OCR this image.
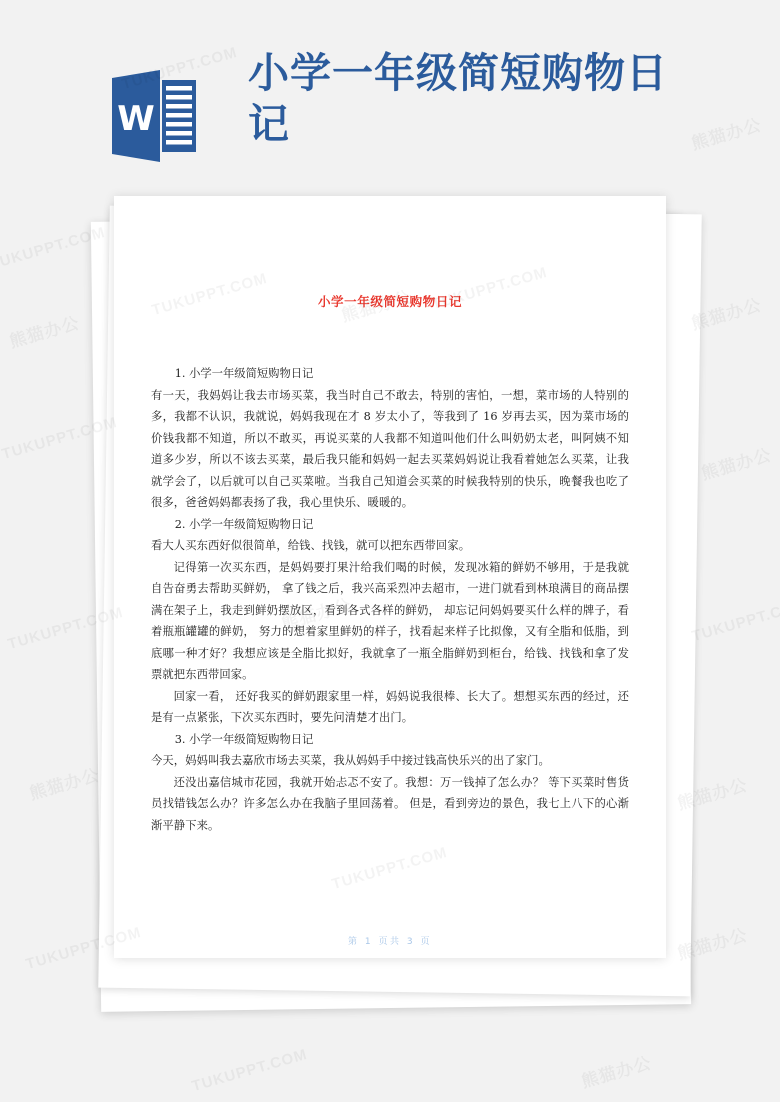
W
小学一年级简短购物日记
小学一年级简短购物日记
1. 小学一年级简短购物日记

有一天，我妈妈让我去市场买菜，我当时自己不敢去，特别的害怕，一想，菜市场的人特别的多，我都不认识，我就说，妈妈我现在才 8 岁太小了，等我到了 16 岁再去买，因为菜市场的价钱我都不知道，所以不敢买，再说买菜的人我都不知道叫他们什么叫奶奶太老，叫阿姨不知道多少岁，所以不该去买菜，最后我只能和妈妈一起去买菜妈妈说让我看着她怎么买菜，让我就学会了，以后就可以自己买菜啦。当我自己知道会买菜的时候我特别的快乐，晚餐我也吃了很多，爸爸妈妈都表扬了我，我心里快乐、暖暖的。

2. 小学一年级简短购物日记

看大人买东西好似很简单，给钱、找钱，就可以把东西带回家。

记得第一次买东西，是妈妈要打果汁给我们喝的时候，发现冰箱的鲜奶不够用，于是我就自告奋勇去帮助买鲜奶， 拿了钱之后，我兴高采烈冲去超市，一进门就看到林琅满目的商品摆满在架子上，我走到鲜奶摆放区，看到各式各样的鲜奶， 却忘记问妈妈要买什么样的牌子，看着瓶瓶罐罐的鲜奶， 努力的想着家里鲜奶的样子，找看起来样子比拟像，又有全脂和低脂，到底哪一种才好？我想应该是全脂比拟好，我就拿了一瓶全脂鲜奶到柜台，给钱、找钱和拿了发票就把东西带回家。

回家一看， 还好我买的鲜奶跟家里一样，妈妈说我很棒、长大了。想想买东西的经过，还是有一点紧张，下次买东西时，要先问清楚才出门。

3. 小学一年级简短购物日记

今天，妈妈叫我去嘉欣市场去买菜，我从妈妈手中接过钱高快乐兴的出了家门。

还没出嘉信城市花园，我就开始忐忑不安了。我想：万一钱掉了怎么办？ 等下买菜时售货员找错钱怎么办？许多怎么办在我脑子里回荡着。 但是，看到旁边的景色，我七上八下的心渐渐平静下来。

第 1 页共 3 页
